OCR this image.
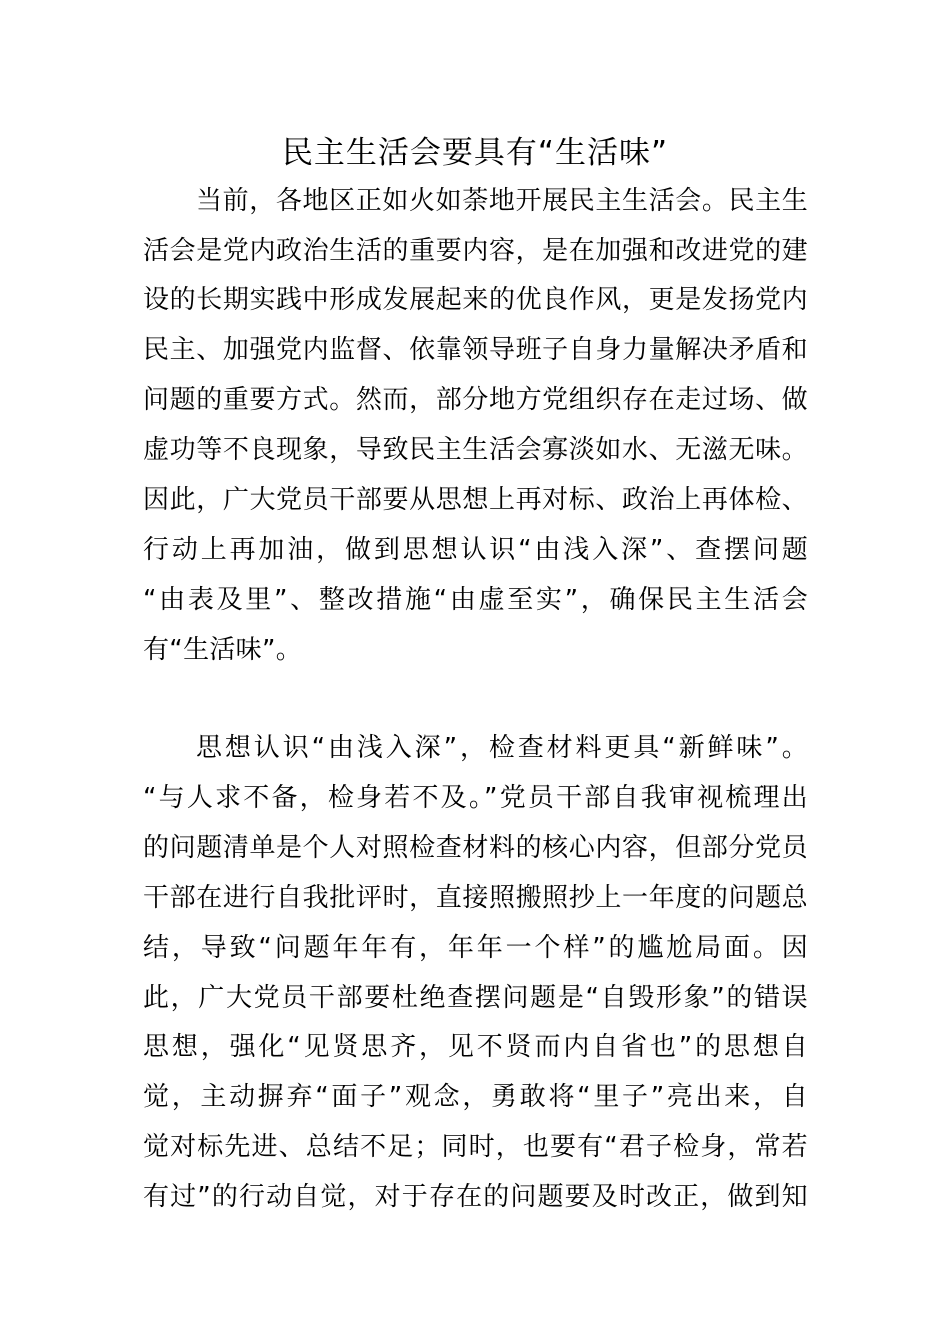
民主生活会要具有“生活味”
当前，各地区正如火如荼地开展民主生活会。民主生
活会是党内政治生活的重要内容，是在加强和改进党的建
设的长期实践中形成发展起来的优良作风，更是发扬党内
民主、加强党内监督、依靠领导班子自身力量解决矛盾和
问题的重要方式。然而，部分地方党组织存在走过场、做
虚功等不良现象，导致民主生活会寡淡如水、无滋无味。
因此，广大党员干部要从思想上再对标、政治上再体检、
行动上再加油，做到思想认识“由浅入深”、查摆问题
“由表及里”、整改措施“由虚至实”，确保民主生活会
有“生活味”。
思想认识“由浅入深”，检查材料更具“新鲜味”。
“与人求不备，检身若不及。”党员干部自我审视梳理出
的问题清单是个人对照检查材料的核心内容，但部分党员
干部在进行自我批评时，直接照搬照抄上一年度的问题总
结，导致“问题年年有，年年一个样”的尴尬局面。因
此，广大党员干部要杜绝查摆问题是“自毁形象”的错误
思想，强化“见贤思齐，见不贤而内自省也”的思想自
觉，主动摒弃“面子”观念，勇敢将“里子”亮出来，自
觉对标先进、总结不足；同时，也要有“君子检身，常若
有过”的行动自觉，对于存在的问题要及时改正，做到知
